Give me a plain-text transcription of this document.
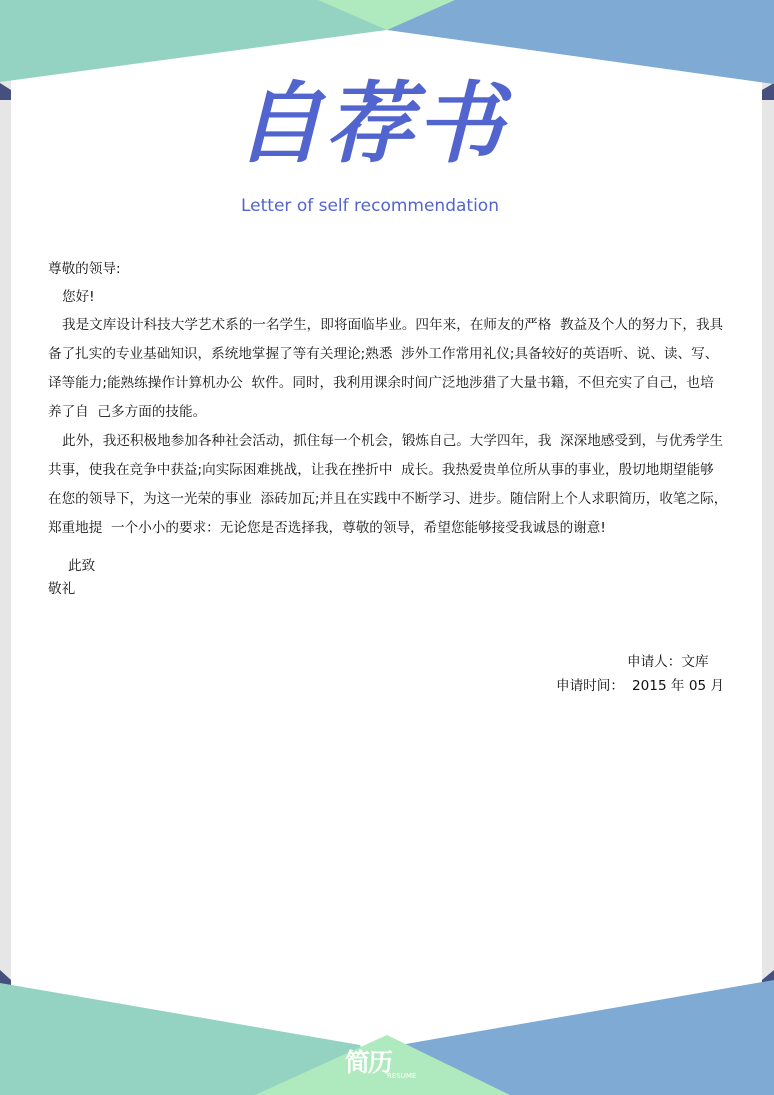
自荐书
Letter of self recommendation
尊敬的领导:
您好!
我是文库设计科技大学艺术系的一名学生，即将面临毕业。四年来，在师友的严格  教益及个人的努力下，我具
备了扎实的专业基础知识，系统地掌握了等有关理论;熟悉  涉外工作常用礼仪;具备较好的英语听、说、读、写、
译等能力;能熟练操作计算机办公  软件。同时，我利用课余时间广泛地涉猎了大量书籍，不但充实了自己，也培
养了自  己多方面的技能。
此外，我还积极地参加各种社会活动，抓住每一个机会，锻炼自己。大学四年，我  深深地感受到，与优秀学生
共事，使我在竞争中获益;向实际困难挑战，让我在挫折中  成长。我热爱贵单位所从事的事业，殷切地期望能够
在您的领导下，为这一光荣的事业  添砖加瓦;并且在实践中不断学习、进步。随信附上个人求职简历，收笔之际，
郑重地提  一个小小的要求：无论您是否选择我，尊敬的领导，希望您能够接受我诚恳的谢意!
此致
敬礼
申请人：文库
申请时间： 2015 年 05 月
简历
RESUME
